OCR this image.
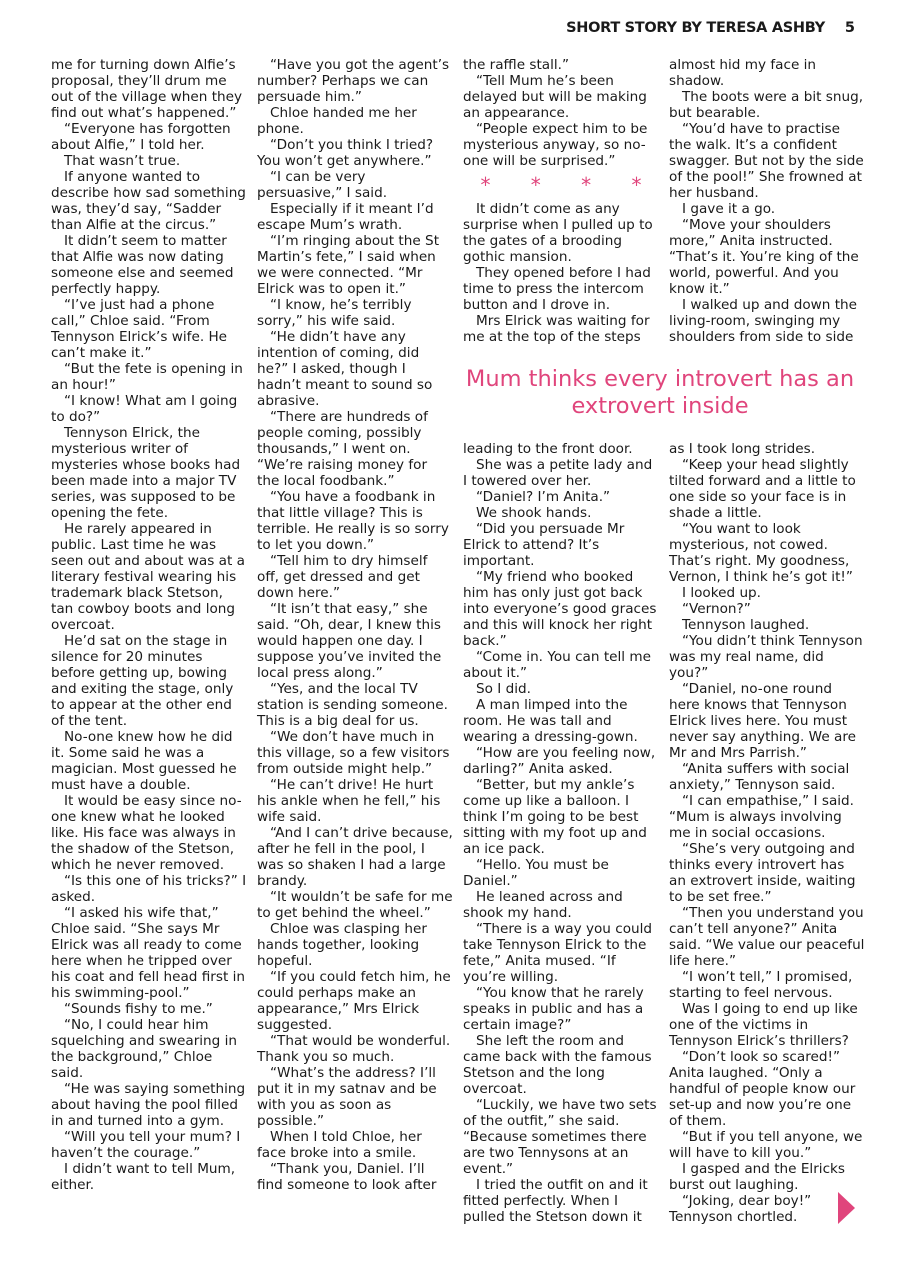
SHORT STORY BY TERESA ASHBY 5

me for turning down Alfie’s proposal, they’ll drum me out of the village when they find out what’s happened.”

“Everyone has forgotten about Alfie,” I told her.

That wasn’t true.

If anyone wanted to describe how sad something was, they’d say, “Sadder than Alfie at the circus.”

It didn’t seem to matter that Alfie was now dating someone else and seemed perfectly happy.

“I’ve just had a phone call,” Chloe said. “From Tennyson Elrick’s wife. He can’t make it.”

“But the fete is opening in an hour!”

“I know! What am I going to do?”

Tennyson Elrick, the mysterious writer of mysteries whose books had been made into a major TV series, was supposed to be opening the fete.

He rarely appeared in public. Last time he was seen out and about was at a literary festival wearing his trademark black Stetson, tan cowboy boots and long overcoat.

He’d sat on the stage in silence for 20 minutes before getting up, bowing and exiting the stage, only to appear at the other end of the tent.

No-one knew how he did it. Some said he was a magician. Most guessed he must have a double.

It would be easy since no-one knew what he looked like. His face was always in the shadow of the Stetson, which he never removed.

“Is this one of his tricks?” I asked.

“I asked his wife that,” Chloe said. “She says Mr Elrick was all ready to come here when he tripped over his coat and fell head first in his swimming-pool.”

“Sounds fishy to me.”

“No, I could hear him squelching and swearing in the background,” Chloe said.

“He was saying something about having the pool filled in and turned into a gym.

“Will you tell your mum? I haven’t the courage.”

I didn’t want to tell Mum, either.

“Have you got the agent’s number? Perhaps we can persuade him.”

Chloe handed me her phone.

“Don’t you think I tried? You won’t get anywhere.”

“I can be very persuasive,” I said.

Especially if it meant I’d escape Mum’s wrath.

“I’m ringing about the St Martin’s fete,” I said when we were connected. “Mr Elrick was to open it.”

“I know, he’s terribly sorry,” his wife said.

“He didn’t have any intention of coming, did he?” I asked, though I hadn’t meant to sound so abrasive.

“There are hundreds of people coming, possibly thousands,” I went on. “We’re raising money for the local foodbank.”

“You have a foodbank in that little village? This is terrible. He really is so sorry to let you down.”

“Tell him to dry himself off, get dressed and get down here.”

“It isn’t that easy,” she said. “Oh, dear, I knew this would happen one day. I suppose you’ve invited the local press along.”

“Yes, and the local TV station is sending someone. This is a big deal for us.

“We don’t have much in this village, so a few visitors from outside might help.”

“He can’t drive! He hurt his ankle when he fell,” his wife said.

“And I can’t drive because, after he fell in the pool, I was so shaken I had a large brandy.

“It wouldn’t be safe for me to get behind the wheel.”

Chloe was clasping her hands together, looking hopeful.

“If you could fetch him, he could perhaps make an appearance,” Mrs Elrick suggested.

“That would be wonderful. Thank you so much.

“What’s the address? I’ll put it in my satnav and be with you as soon as possible.”

When I told Chloe, her face broke into a smile.

“Thank you, Daniel. I’ll find someone to look after

the raffle stall.”

“Tell Mum he’s been delayed but will be making an appearance.

“People expect him to be mysterious anyway, so no-one will be surprised.”

* * * *

It didn’t come as any surprise when I pulled up to the gates of a brooding gothic mansion.

They opened before I had time to press the intercom button and I drove in.

Mrs Elrick was waiting for me at the top of the steps

almost hid my face in shadow.

The boots were a bit snug, but bearable.

“You’d have to practise the walk. It’s a confident swagger. But not by the side of the pool!” She frowned at her husband.

I gave it a go.

“Move your shoulders more,” Anita instructed. “That’s it. You’re king of the world, powerful. And you know it.”

I walked up and down the living-room, swinging my shoulders from side to side

Mum thinks every introvert has an extrovert inside

leading to the front door.

She was a petite lady and I towered over her.

“Daniel? I’m Anita.”

We shook hands.

“Did you persuade Mr Elrick to attend? It’s important.

“My friend who booked him has only just got back into everyone’s good graces and this will knock her right back.”

“Come in. You can tell me about it.”

So I did.

A man limped into the room. He was tall and wearing a dressing-gown.

“How are you feeling now, darling?” Anita asked.

“Better, but my ankle’s come up like a balloon. I think I’m going to be best sitting with my foot up and an ice pack.

“Hello. You must be Daniel.”

He leaned across and shook my hand.

“There is a way you could take Tennyson Elrick to the fete,” Anita mused. “If you’re willing.

“You know that he rarely speaks in public and has a certain image?”

She left the room and came back with the famous Stetson and the long overcoat.

“Luckily, we have two sets of the outfit,” she said. “Because sometimes there are two Tennysons at an event.”

I tried the outfit on and it fitted perfectly. When I pulled the Stetson down it

as I took long strides.

“Keep your head slightly tilted forward and a little to one side so your face is in shade a little.

“You want to look mysterious, not cowed. That’s right. My goodness, Vernon, I think he’s got it!”

I looked up.

“Vernon?”

Tennyson laughed.

“You didn’t think Tennyson was my real name, did you?”

“Daniel, no-one round here knows that Tennyson Elrick lives here. You must never say anything. We are Mr and Mrs Parrish.”

“Anita suffers with social anxiety,” Tennyson said.

“I can empathise,” I said. “Mum is always involving me in social occasions.

“She’s very outgoing and thinks every introvert has an extrovert inside, waiting to be set free.”

“Then you understand you can’t tell anyone?” Anita said. “We value our peaceful life here.”

“I won’t tell,” I promised, starting to feel nervous.

Was I going to end up like one of the victims in Tennyson Elrick’s thrillers?

“Don’t look so scared!” Anita laughed. “Only a handful of people know our set-up and now you’re one of them.

“But if you tell anyone, we will have to kill you.”

I gasped and the Elricks burst out laughing.

“Joking, dear boy!” Tennyson chortled.
